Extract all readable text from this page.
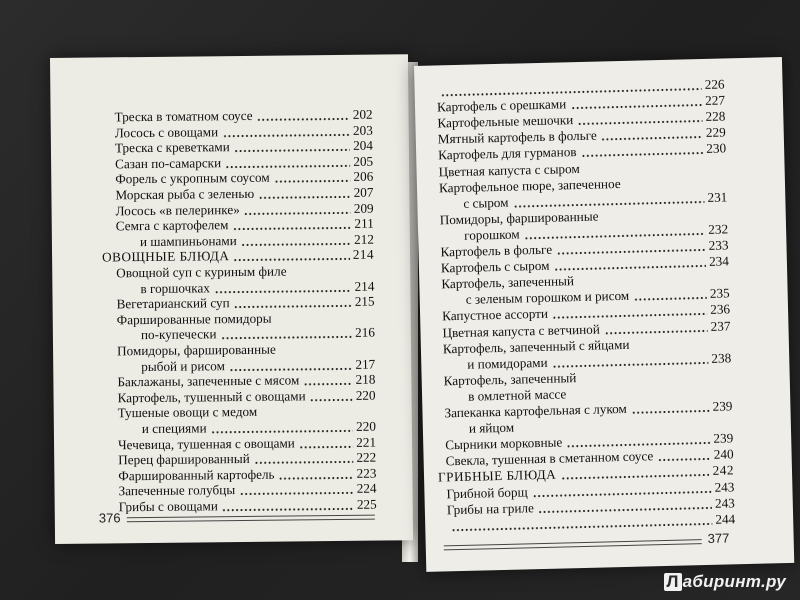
Треска в томатном соусе	202
Лосось с овощами	203
Треска с креветками	204
Сазан по-самарски	205
Форель с укропным соусом	206
Морская рыба с зеленью	207
Лосось «в пелеринке»	209
Семга с картофелем	211
и шампиньонами	212
ОВОЩНЫЕ БЛЮДА	214
Овощной суп с куриным филе
в горшочках	214
Вегетарианский суп	215
Фаршированные помидоры
по-купечески	216
Помидоры, фаршированные
рыбой и рисом	217
Баклажаны, запеченные с мясом	218
Картофель, тушенный с овощами	220
Тушеные овощи с медом
и специями	220
Чечевица, тушенная с овощами	221
Перец фаршированный	222
Фаршированный картофель	223
Запеченные голубцы	224
Грибы с овощами	225
376
226
Картофель с орешками	227
Картофельные мешочки	228
Мятный картофель в фольге	229
Картофель для гурманов	230
Цветная капуста с сыром
Картофельное пюре, запеченное
с сыром	231
Помидоры, фаршированные
горошком	232
Картофель в фольге	233
Картофель с сыром	234
Картофель, запеченный
с зеленым горошком и рисом	235
Капустное ассорти	236
Цветная капуста с ветчиной	237
Картофель, запеченный с яйцами
и помидорами	238
Картофель, запеченный
в омлетной массе
Запеканка картофельная с луком	239
и яйцом
Сырники морковные	239
Свекла, тушенная в сметанном соусе	240
ГРИБНЫЕ БЛЮДА	242
Грибной борщ	243
Грибы на гриле	243
244
377
Л абиринт.ру
